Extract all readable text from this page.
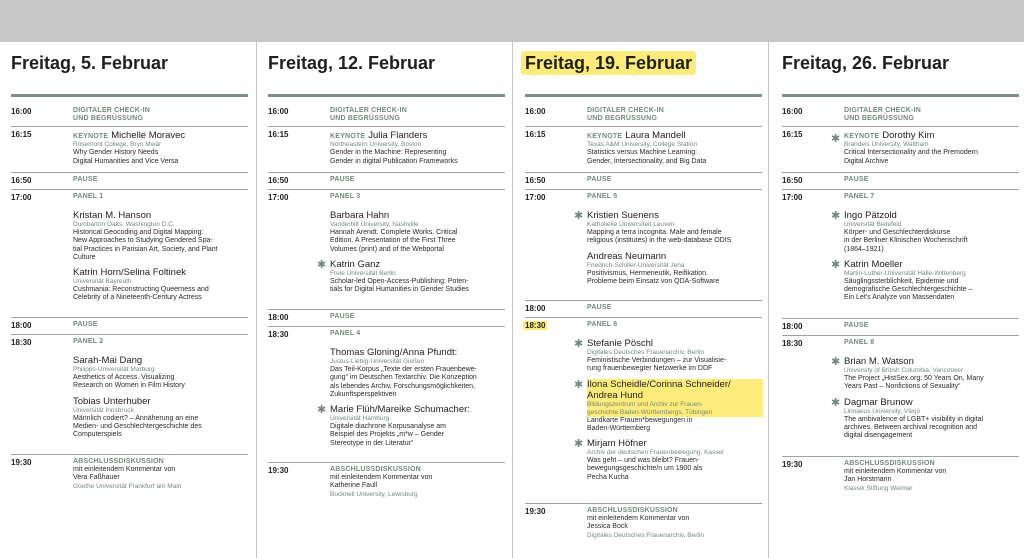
Freitag, 5. Februar
16:00	DIGITALER CHECK-IN
UND BEGRÜSSUNG
16:15	KEYNOTE Michelle Moravec
Rosemont College, Bryn Mwar
Why Gender History Needs
Digital Humanities and Vice Versa
16:50	PAUSE
17:00	PANEL 1
Kristan M. Hanson
Dumbarton Oaks, Washington D.C.
Historical Geocoding and Digital Mapping:
New Approaches to Studying Gendered Spa-
tial Practices in Parisian Art, Society, and Plant
Culture
Katrin Horn/Selina Foltinek
Universität Bayreuth
Cushmania: Reconstructing Queerness and
Celebrity of a Nineteenth-Century Actress
18:00	PAUSE
18:30	PANEL 2
Sarah-Mai Dang
Philipps-Universität Marburg
Aesthetics of Access. Visualizing
Research on Women in Film History
Tobias Unterhuber
Universität Innsbruck
Männlich codiert? – Annäherung an eine
Medien- und Geschlechtergeschichte des
Computerspiels
19:30	ABSCHLUSSDISKUSSION
mit einleitendem Kommentar von
Vera Faßhauer
Goethe Universität Frankfurt am Main
Freitag, 12. Februar
16:00	DIGITALER CHECK-IN
UND BEGRÜSSUNG
16:15	KEYNOTE Julia Flanders
Northeastern University, Boston
Gender in the Machine: Representing
Gender in digital Publication Frameworks
16:50	PAUSE
17:00	PANEL 3
Barbara Hahn
Vanderbilt University, Nashville
Hannah Arendt. Complete Works. Critical
Edition. A Presentation of the First Three
Volumes (print) and of the Webportal
✱ Katrin Ganz
Freie Universität Berlin
Scholar-led Open-Access-Publishing: Poten-
tials for Digital Humanities in Gender Studies
18:00	PAUSE
18:30	PANEL 4
Thomas Gloning/Anna Pfundt:
Justus-Liebig-Universität Gießen
Das Teil-Korpus „Texte der ersten Frauenbewe-
gung“ im Deutschen Textarchiv. Die Konzeption
als lebendes Archiv, Forschungsmöglichkeiten,
Zukunftsperspektiven
✱ Marie Flüh/Mareike Schumacher:
Universität Hamburg
Digitale diachrone Korpusanalyse am
Beispiel des Projekts „m*w – Gender
Stereotype in der Literatur“
19:30	ABSCHLUSSDISKUSSION
mit einleitendem Kommentar von
Katherine Faull
Bucknell University, Lewisburg
Freitag, 19. Februar
16:00	DIGITALER CHECK-IN
UND BEGRÜSSUNG
16:15	KEYNOTE Laura Mandell
Texas A&M University, College Station
Statistics versus Machine Learning:
Gender, Intersectionality, and Big Data
16:50	PAUSE
17:00	PANEL 5
✱ Kristien Suenens
Katholieke Universiteit Leuven
Mapping a terra incognita. Male and female
religious (institutes) in the web-database ODIS
Andreas Neumann
Friedrich-Schiller-Universität Jena
Positivismus, Hermeneutik, Reifikation.
Probleme beim Einsatz von QDA-Software
18:00	PAUSE
18:30	PANEL 6
✱ Stefanie Pöschl
Digitales Deutsches Frauenarchiv, Berlin
Feministische Verbindungen – zur Visualisie-
rung frauenbewegter Netzwerke im DDF
✱ Ilona Scheidle/Corinna Schneider/
Andrea Hund
Bildungszentrum und Archiv zur Frauen-
geschichte Baden-Württembergs, Tübingen
Landkarte Frauen*bewegungen in
Baden-Württemberg
✱ Mirjam Höfner
Archiv der deutschen Frauenbewegung, Kassel
Was geht – und was bleibt? Frauen-
bewegungsgeschichte/n um 1900 als
Pecha Kucha
19:30	ABSCHLUSSDISKUSSION
mit einleitendem Kommentar von
Jessica Bock
Digitales Deutsches Frauenarchiv, Berlin
Freitag, 26. Februar
16:00	DIGITALER CHECK-IN
UND BEGRÜSSUNG
16:15	✱ KEYNOTE Dorothy Kim
Brandeis University, Waltham
Critical Intersectionality and the Premodern
Digital Archive
16:50	PAUSE
17:00	PANEL 7
✱ Ingo Pätzold
Universität Bielefeld
Körper- und Geschlechterdiskurse
in der Berliner Klinischen Wochenschrift
(1864–1921)
✱ Katrin Moeller
Martin-Luther-Universität Halle-Wittenberg
Säuglingssterblichkeit, Epidemie und
demografische Geschlechtergeschichte –
Ein Let's Analyze von Massendaten
18:00	PAUSE
18:30	PANEL 8
✱ Brian M. Watson
University of British Columbia, Vancouver
The Project „HistSex.org: 50 Years On, Many
Years Past – Nonfictions of Sexuality“
✱ Dagmar Brunow
Linnaeus University, Växjö
The ambivalence of LGBT+ visibility in digital
archives. Between archival recognition and
digital disengagement
19:30	ABSCHLUSSDISKUSSION
mit einleitendem Kommentar von
Jan Horstmann
Klassik Stiftung Weimar
